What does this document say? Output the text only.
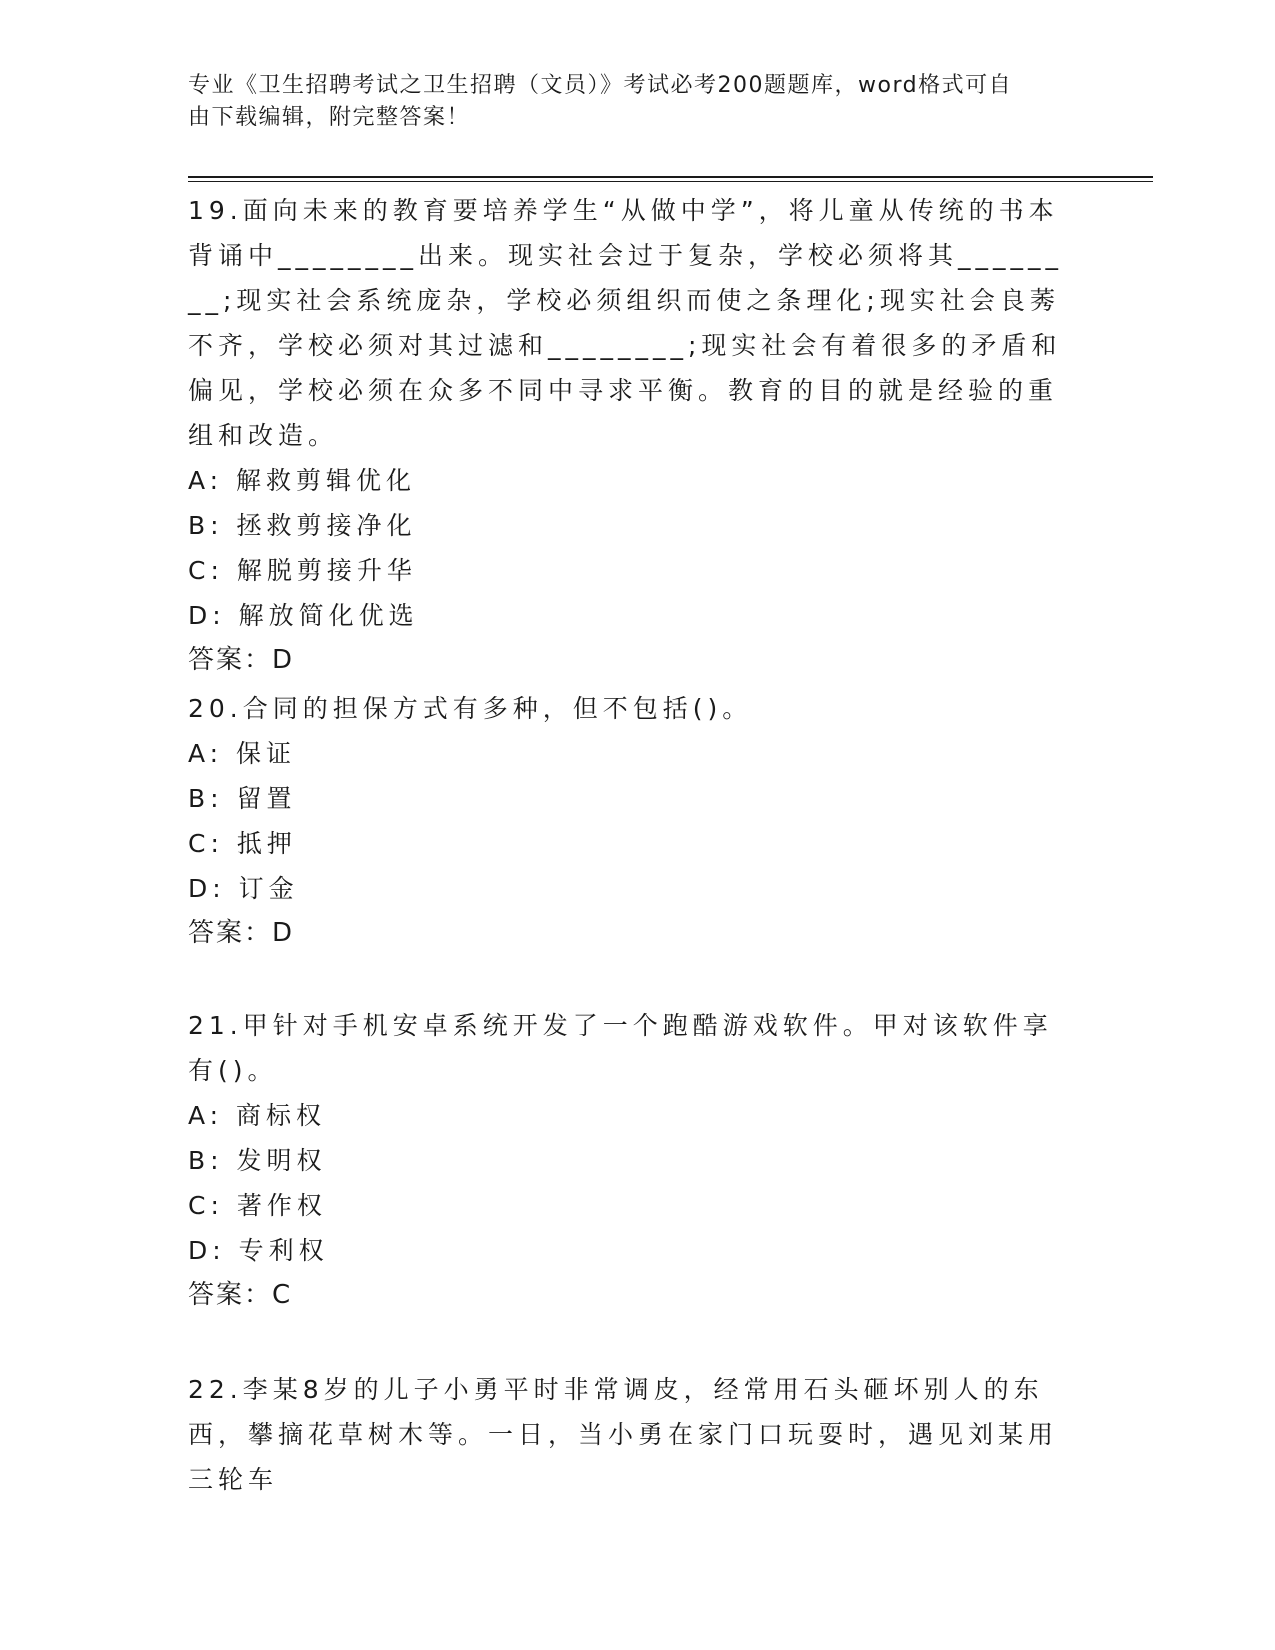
专业《卫生招聘考试之卫生招聘（文员）》考试必考200题题库，word格式可自
由下载编辑，附完整答案！

19.面向未来的教育要培养学生“从做中学”，将儿童从传统的书本背诵中________出来。现实社会过于复杂，学校必须将其________;现实社会系统庞杂，学校必须组织而使之条理化;现实社会良莠不齐，学校必须对其过滤和________;现实社会有着很多的矛盾和偏见，学校必须在众多不同中寻求平衡。教育的目的就是经验的重组和改造。

A: 解救剪辑优化

B: 拯救剪接净化

C: 解脱剪接升华

D: 解放简化优选

答案：D

20.合同的担保方式有多种，但不包括()。

A: 保证

B: 留置

C: 抵押

D: 订金

答案：D

21.甲针对手机安卓系统开发了一个跑酷游戏软件。甲对该软件享有()。

A: 商标权

B: 发明权

C: 著作权

D: 专利权

答案：C

22.李某8岁的儿子小勇平时非常调皮，经常用石头砸坏别人的东西，攀摘花草树木等。一日，当小勇在家门口玩耍时，遇见刘某用三轮车
